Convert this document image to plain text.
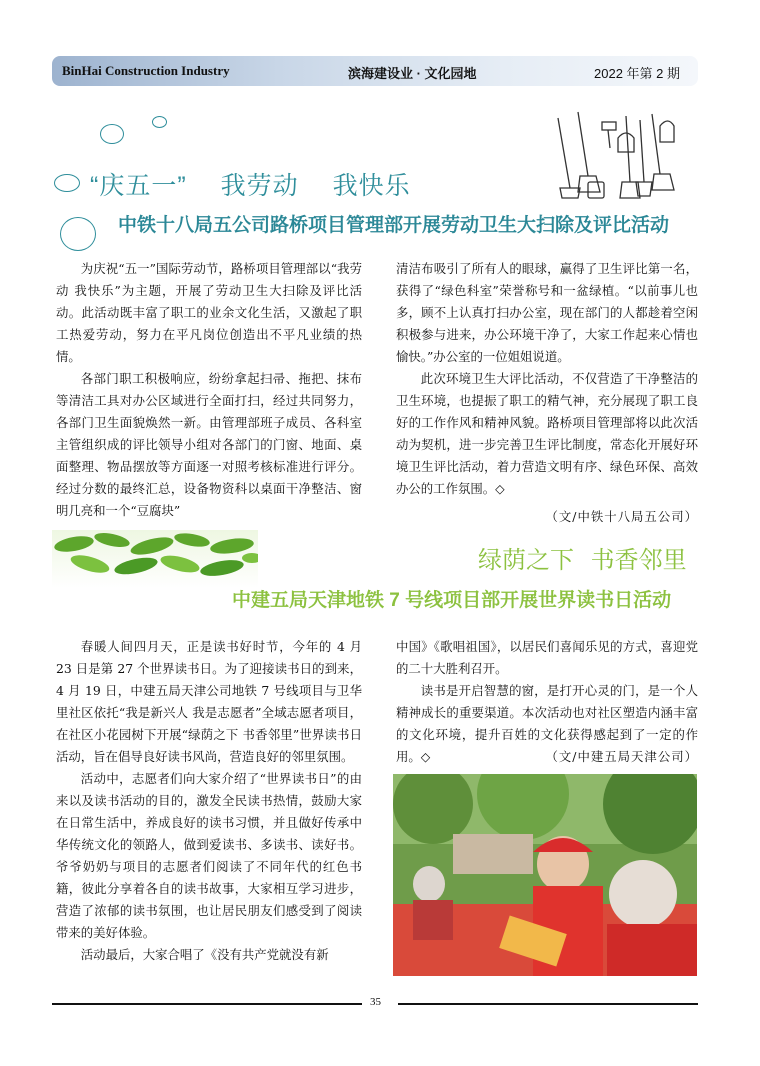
BinHai Construction Industry	滨海建设业 · 文化园地	2022 年第 2 期
“庆五一” 我劳动 我快乐
中铁十八局五公司路桥项目管理部开展劳动卫生大扫除及评比活动

为庆祝“五一”国际劳动节，路桥项目管理部以“我劳动 我快乐”为主题，开展了劳动卫生大扫除及评比活动。此活动既丰富了职工的业余文化生活，又激起了职工热爱劳动，努力在平凡岗位创造出不平凡业绩的热情。

各部门职工积极响应，纷纷拿起扫帚、拖把、抹布等清洁工具对办公区域进行全面打扫，经过共同努力，各部门卫生面貌焕然一新。由管理部班子成员、各科室主管组织成的评比领导小组对各部门的门窗、地面、桌面整理、物品摆放等方面逐一对照考核标准进行评分。经过分数的最终汇总，设备物资科以桌面干净整洁、窗明几亮和一个“豆腐块”

清洁布吸引了所有人的眼球，赢得了卫生评比第一名，获得了“绿色科室”荣誉称号和一盆绿植。“以前事儿也多，顾不上认真打扫办公室，现在部门的人都趁着空闲积极参与进来，办公环境干净了，大家工作起来心情也愉快。”办公室的一位姐姐说道。

此次环境卫生大评比活动，不仅营造了干净整洁的卫生环境，也提振了职工的精气神，充分展现了职工良好的工作作风和精神风貌。路桥项目管理部将以此次活动为契机，进一步完善卫生评比制度，常态化开展好环境卫生评比活动，着力营造文明有序、绿色环保、高效办公的工作氛围。◇

（文/中铁十八局五公司）
绿荫之下 书香邻里
中建五局天津地铁 7 号线项目部开展世界读书日活动

春暖人间四月天，正是读书好时节，今年的 4 月 23 日是第 27 个世界读书日。为了迎接读书日的到来，4 月 19 日，中建五局天津公司地铁 7 号线项目与卫华里社区依托“我是新兴人 我是志愿者”全域志愿者项目，在社区小花园树下开展“绿荫之下 书香邻里”世界读书日活动，旨在倡导良好读书风尚，营造良好的邻里氛围。

活动中，志愿者们向大家介绍了“世界读书日”的由来以及读书活动的目的，激发全民读书热情，鼓励大家在日常生活中，养成良好的读书习惯，并且做好传承中华传统文化的领路人，做到爱读书、多读书、读好书。爷爷奶奶与项目的志愿者们阅读了不同年代的红色书籍，彼此分享着各自的读书故事，大家相互学习进步，营造了浓郁的读书氛围，也让居民朋友们感受到了阅读带来的美好体验。

活动最后，大家合唱了《没有共产党就没有新

中国》《歌唱祖国》，以居民们喜闻乐见的方式，喜迎党的二十大胜利召开。

读书是开启智慧的窗，是打开心灵的门，是一个人精神成长的重要渠道。本次活动也对社区塑造内涵丰富的文化环境，提升百姓的文化获得感起到了一定的作用。◇	（文/中建五局天津公司）
35
